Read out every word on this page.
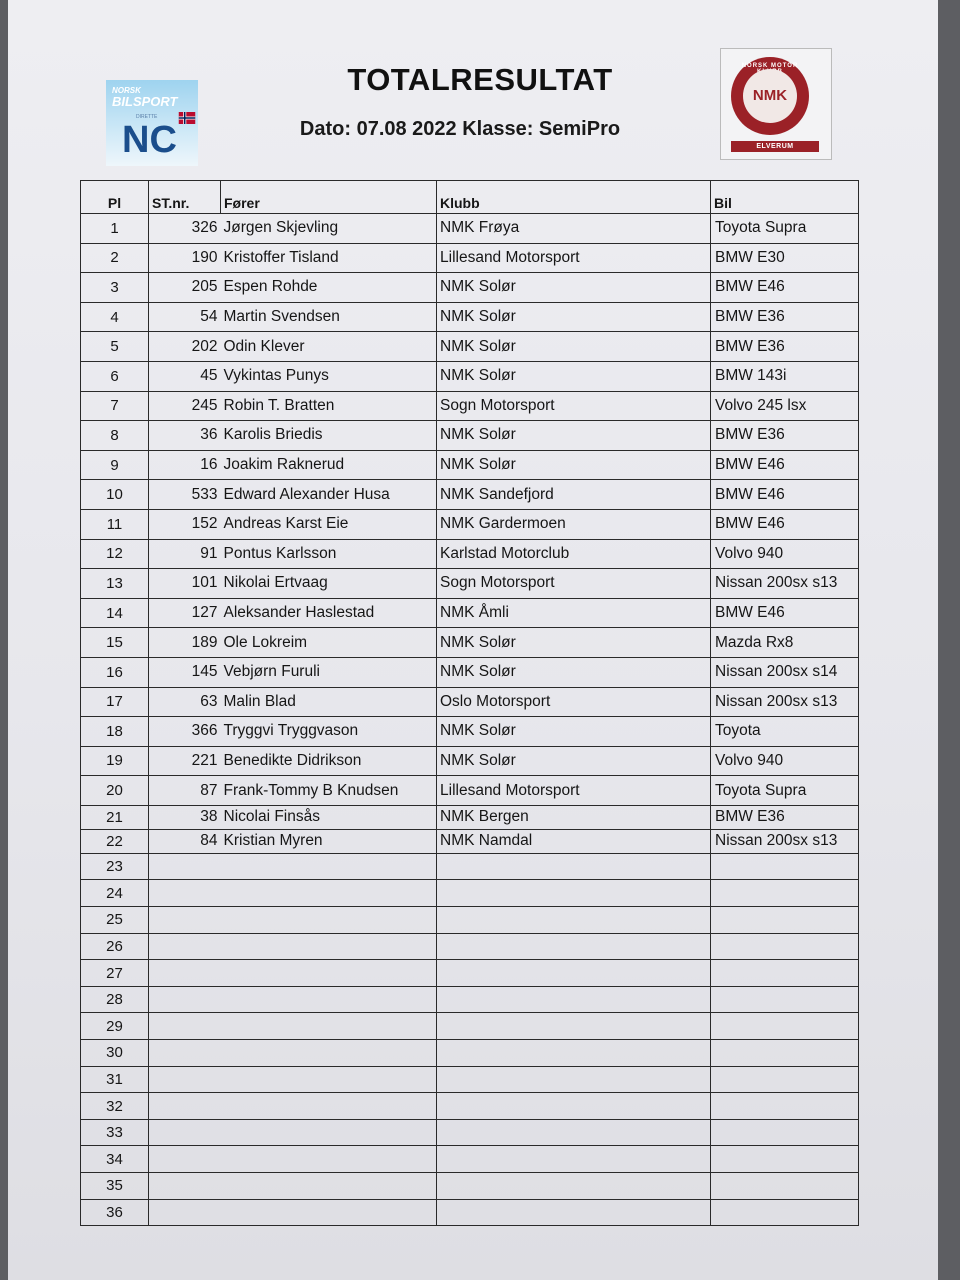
NORSK
BILSPORT
DIRETTE
NC
TOTALRESULTAT
Dato: 07.08 2022 Klasse: SemiPro
NORSK MOTOR
NMK
ELVERUM
Pl	ST.nr.	Fører	Klubb	Bil
1	326	Jørgen Skjevling	NMK Frøya	Toyota Supra
2	190	Kristoffer Tisland	Lillesand Motorsport	BMW E30
3	205	Espen Rohde	NMK Solør	BMW E46
4	54	Martin Svendsen	NMK Solør	BMW E36
5	202	Odin Klever	NMK Solør	BMW E36
6	45	Vykintas Punys	NMK Solør	BMW 143i
7	245	Robin T. Bratten	Sogn Motorsport	Volvo 245 lsx
8	36	Karolis Briedis	NMK Solør	BMW E36
9	16	Joakim Raknerud	NMK Solør	BMW E46
10	533	Edward Alexander Husa	NMK Sandefjord	BMW E46
11	152	Andreas Karst Eie	NMK Gardermoen	BMW E46
12	91	Pontus Karlsson	Karlstad Motorclub	Volvo 940
13	101	Nikolai Ertvaag	Sogn Motorsport	Nissan 200sx s13
14	127	Aleksander Haslestad	NMK Åmli	BMW E46
15	189	Ole Lokreim	NMK Solør	Mazda Rx8
16	145	Vebjørn Furuli	NMK Solør	Nissan 200sx s14
17	63	Malin Blad	Oslo Motorsport	Nissan 200sx s13
18	366	Tryggvi Tryggvason	NMK Solør	Toyota
19	221	Benedikte Didrikson	NMK Solør	Volvo 940
20	87	Frank-Tommy B Knudsen	Lillesand Motorsport	Toyota Supra
21	38	Nicolai Finsås	NMK Bergen	BMW E36
22	84	Kristian Myren	NMK Namdal	Nissan 200sx s13
23				
24				
25				
26				
27				
28				
29				
30				
31				
32				
33				
34				
35				
36				
